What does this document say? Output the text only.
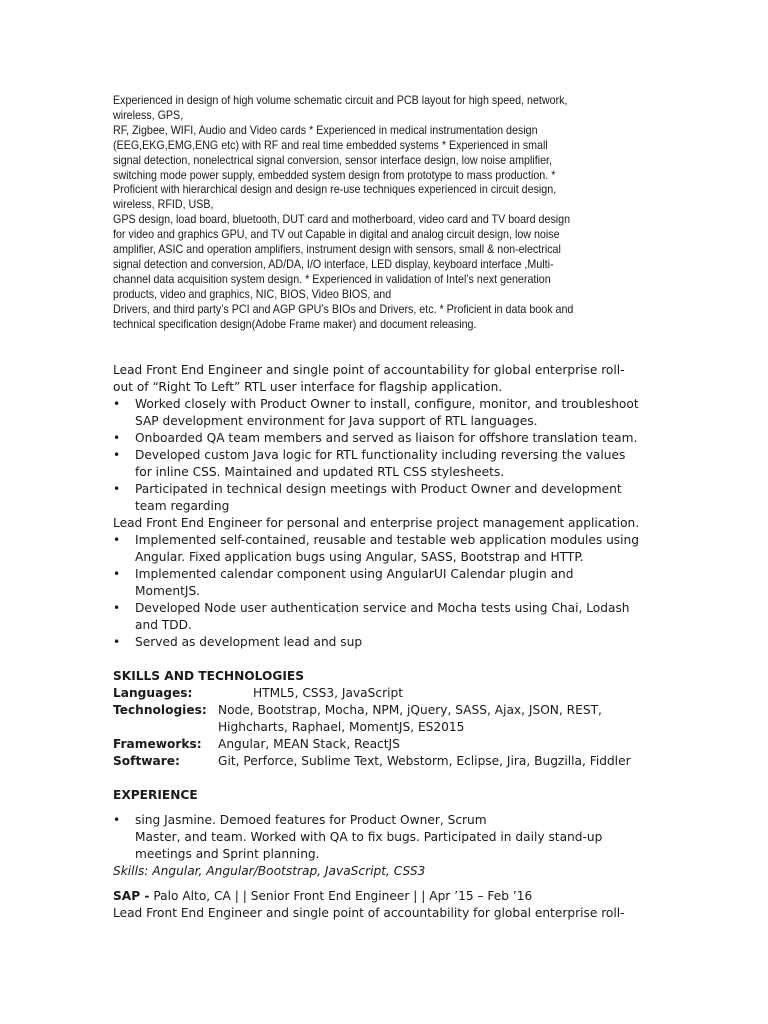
Experienced in design of high volume schematic circuit and PCB layout for high speed, network,
wireless, GPS,
RF, Zigbee, WIFI, Audio and Video cards * Experienced in medical instrumentation design
(EEG,EKG,EMG,ENG etc) with RF and real time embedded systems * Experienced in small
signal detection, nonelectrical signal conversion, sensor interface design, low noise amplifier,
switching mode power supply, embedded system design from prototype to mass production. *
Proficient with hierarchical design and design re-use techniques experienced in circuit design,
wireless, RFID, USB,
GPS design, load board, bluetooth, DUT card and motherboard, video card and TV board design
for video and graphics GPU, and TV out Capable in digital and analog circuit design, low noise
amplifier, ASIC and operation amplifiers, instrument design with sensors, small & non-electrical
signal detection and conversion, AD/DA, I/O interface, LED display, keyboard interface ,Multi-
channel data acquisition system design. * Experienced in validation of Intel’s next generation
products, video and graphics, NIC, BIOS, Video BIOS, and
Drivers, and third party’s PCI and AGP GPU’s BIOs and Drivers, etc. * Proficient in data book and
technical specification design(Adobe Frame maker) and document releasing.
Lead Front End Engineer and single point of accountability for global enterprise roll-
out of “Right To Left” RTL user interface for flagship application.
•	Worked closely with Product Owner to install, configure, monitor, and troubleshoot
SAP development environment for Java support of RTL languages.
•	Onboarded QA team members and served as liaison for offshore translation team.
•	Developed custom Java logic for RTL functionality including reversing the values
for inline CSS. Maintained and updated RTL CSS stylesheets.
•	Participated in technical design meetings with Product Owner and development
team regarding
Lead Front End Engineer for personal and enterprise project management application.
•	Implemented self-contained, reusable and testable web application modules using
Angular. Fixed application bugs using Angular, SASS, Bootstrap and HTTP.
•	Implemented calendar component using AngularUI Calendar plugin and
MomentJS.
•	Developed Node user authentication service and Mocha tests using Chai, Lodash
and TDD.
•	Served as development lead and sup
SKILLS AND TECHNOLOGIES
Languages:	HTML5, CSS3, JavaScript
Technologies: Node, Bootstrap, Mocha, NPM, jQuery, SASS, Ajax, JSON, REST,
Highcharts, Raphael, MomentJS, ES2015
Frameworks:	Angular, MEAN Stack, ReactJS
Software:	Git, Perforce, Sublime Text, Webstorm, Eclipse, Jira, Bugzilla, Fiddler
EXPERIENCE
•	sing Jasmine. Demoed features for Product Owner, Scrum
Master, and team. Worked with QA to fix bugs. Participated in daily stand-up
meetings and Sprint planning.
Skills: Angular, Angular/Bootstrap, JavaScript, CSS3
SAP - Palo Alto, CA | | Senior Front End Engineer | | Apr ’15 – Feb ’16
Lead Front End Engineer and single point of accountability for global enterprise roll-
